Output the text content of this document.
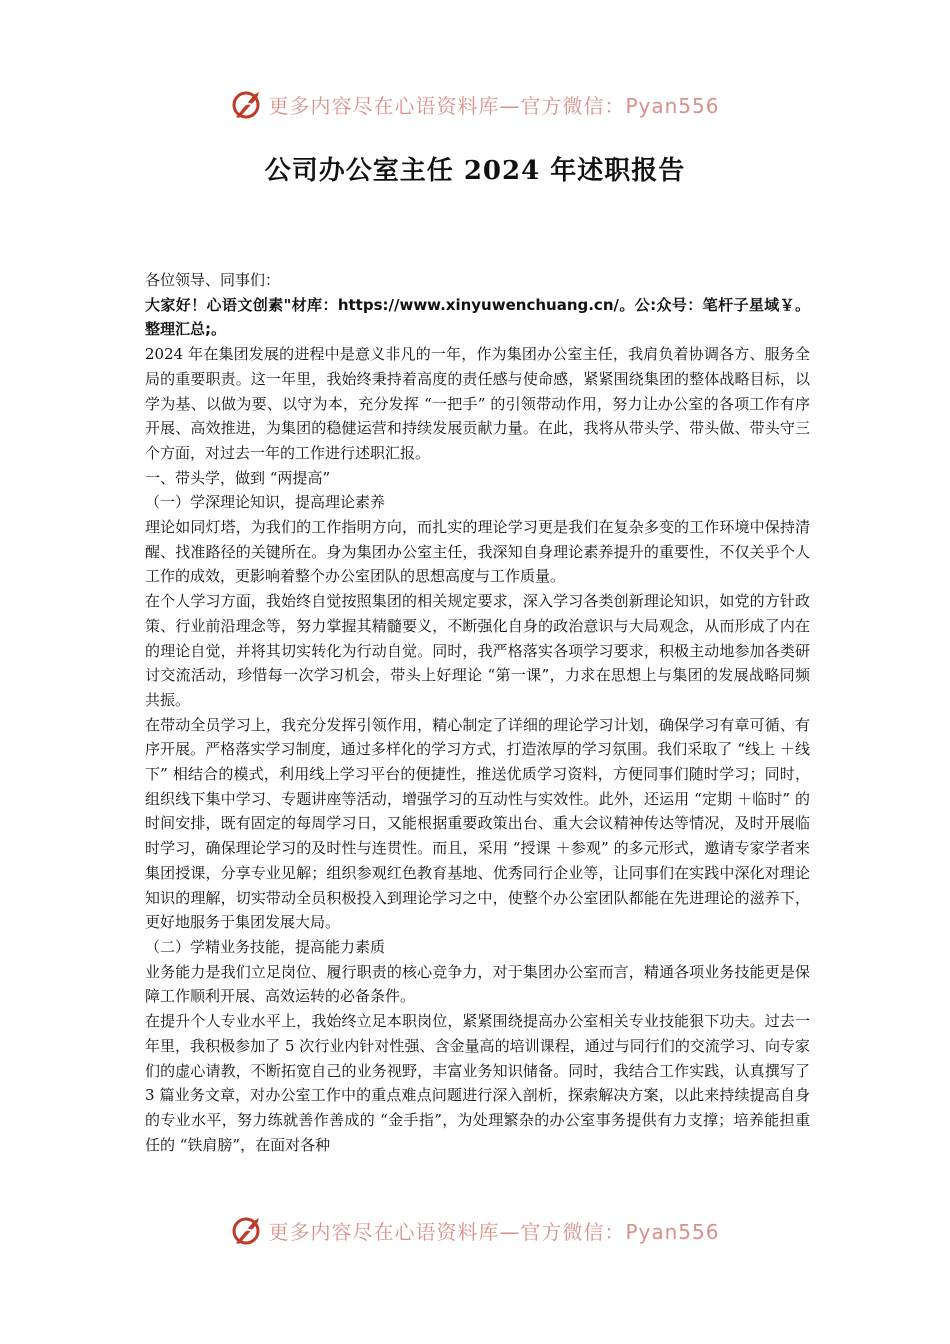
更多内容尽在心语资料库—官方微信：Pyan556
公司办公室主任 2024 年述职报告

各位领导、同事们：

大家好！心语文创素"材库：https://www.xinyuwenchuang.cn/。公:众号：笔杆子星域￥。整理汇总;。

2024 年在集团发展的进程中是意义非凡的一年，作为集团办公室主任，我肩负着协调各方、服务全局的重要职责。这一年里，我始终秉持着高度的责任感与使命感，紧紧围绕集团的整体战略目标，以学为基、以做为要、以守为本，充分发挥 “一把手” 的引领带动作用，努力让办公室的各项工作有序开展、高效推进，为集团的稳健运营和持续发展贡献力量。在此，我将从带头学、带头做、带头守三个方面，对过去一年的工作进行述职汇报。

一、带头学，做到 “两提高”

（一）学深理论知识，提高理论素养

理论如同灯塔，为我们的工作指明方向，而扎实的理论学习更是我们在复杂多变的工作环境中保持清醒、找准路径的关键所在。身为集团办公室主任，我深知自身理论素养提升的重要性，不仅关乎个人工作的成效，更影响着整个办公室团队的思想高度与工作质量。

在个人学习方面，我始终自觉按照集团的相关规定要求，深入学习各类创新理论知识，如党的方针政策、行业前沿理念等，努力掌握其精髓要义，不断强化自身的政治意识与大局观念，从而形成了内在的理论自觉，并将其切实转化为行动自觉。同时，我严格落实各项学习要求，积极主动地参加各类研讨交流活动，珍惜每一次学习机会，带头上好理论 “第一课”，力求在思想上与集团的发展战略同频共振。

在带动全员学习上，我充分发挥引领作用，精心制定了详细的理论学习计划，确保学习有章可循、有序开展。严格落实学习制度，通过多样化的学习方式，打造浓厚的学习氛围。我们采取了 “线上 ＋线下” 相结合的模式，利用线上学习平台的便捷性，推送优质学习资料，方便同事们随时学习；同时，组织线下集中学习、专题讲座等活动，增强学习的互动性与实效性。此外，还运用 “定期 ＋临时” 的时间安排，既有固定的每周学习日，又能根据重要政策出台、重大会议精神传达等情况，及时开展临时学习，确保理论学习的及时性与连贯性。而且，采用 “授课 ＋参观” 的多元形式，邀请专家学者来集团授课，分享专业见解；组织参观红色教育基地、优秀同行企业等，让同事们在实践中深化对理论知识的理解，切实带动全员积极投入到理论学习之中，使整个办公室团队都能在先进理论的滋养下，更好地服务于集团发展大局。

（二）学精业务技能，提高能力素质

业务能力是我们立足岗位、履行职责的核心竞争力，对于集团办公室而言，精通各项业务技能更是保障工作顺利开展、高效运转的必备条件。

在提升个人专业水平上，我始终立足本职岗位，紧紧围绕提高办公室相关专业技能狠下功夫。过去一年里，我积极参加了 5 次行业内针对性强、含金量高的培训课程，通过与同行们的交流学习、向专家们的虚心请教，不断拓宽自己的业务视野，丰富业务知识储备。同时，我结合工作实践，认真撰写了 3 篇业务文章，对办公室工作中的重点难点问题进行深入剖析，探索解决方案，以此来持续提高自身的专业水平，努力练就善作善成的 “金手指”，为处理繁杂的办公室事务提供有力支撑；培养能担重任的 “铁肩膀”，在面对各种

更多内容尽在心语资料库—官方微信：Pyan556
